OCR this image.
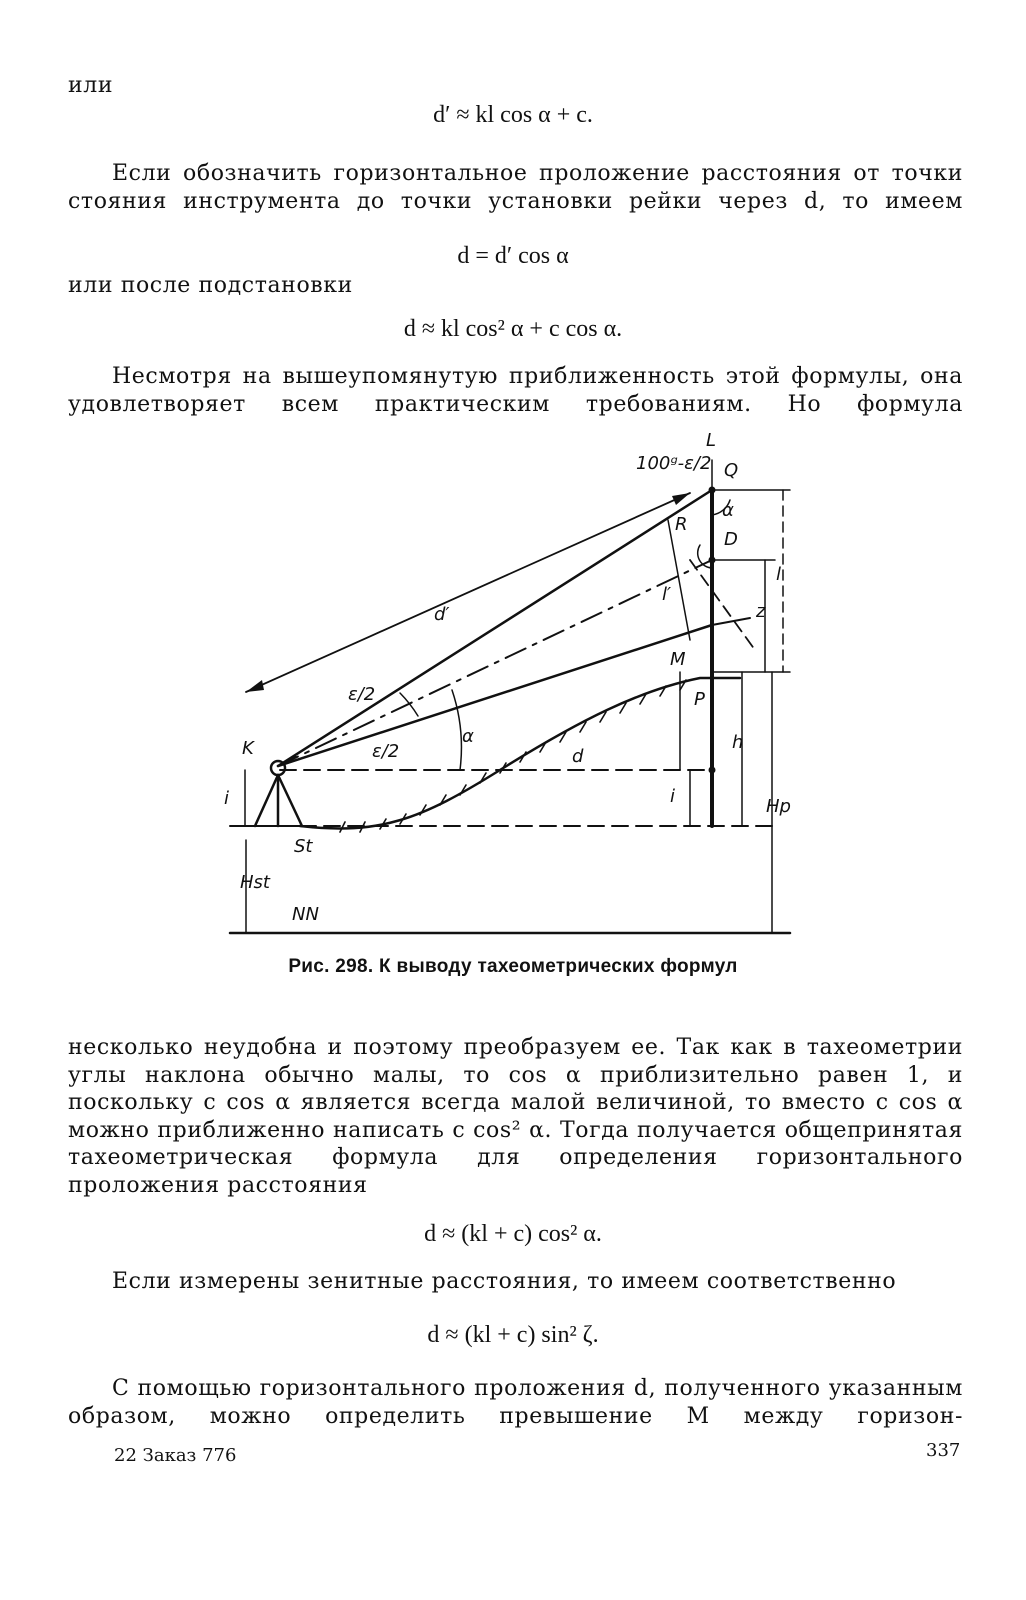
или
d′ ≈ kl cos α + c.
Если обозначить горизонтальное проложение расстояния от точки стояния инструмента до точки установки рейки через d, то имеем
d = d′ cos α
или после подстановки
d ≈ kl cos² α + c cos α.
Несмотря на вышеупомянутую приближенность этой формулы, она удовлетворяет всем практическим требованиям. Но формула
100ᵍ-ε/2
L
Q
α
R
D
l
d′
l′
z
M
P
ε/2
ε/2
α
d
h
K
i	i	Hp
St
Hst
NN
Рис. 298. К выводу тахеометрических формул
несколько неудобна и поэтому преобразуем ее. Так как в тахеометрии углы наклона обычно малы, то cos α приблизительно равен 1, и поскольку c cos α является всегда малой величиной, то вместо c cos α можно приближенно написать c cos² α. Тогда получается общепринятая тахеометрическая формула для определения горизонтального проложения расстояния
d ≈ (kl + c) cos² α.
Если измерены зенитные расстояния, то имеем соответственно
d ≈ (kl + c) sin² ζ.
С помощью горизонтального проложения d, полученного указанным образом, можно определить превышение M между горизон-
22 Заказ 776	337
